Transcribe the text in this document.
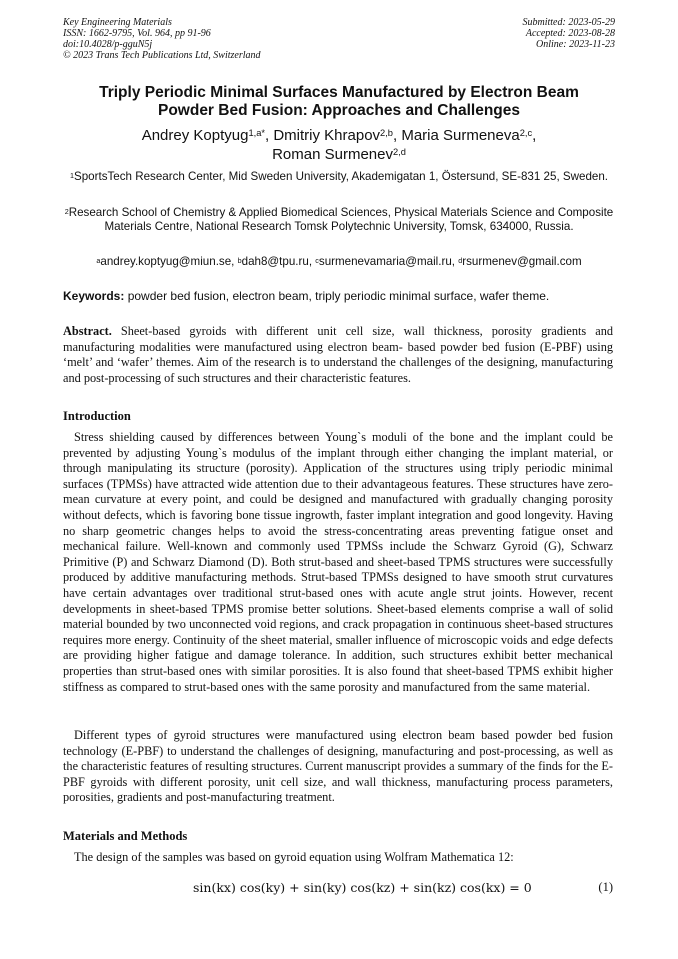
Key Engineering Materials
ISSN: 1662-9795, Vol. 964, pp 91-96
doi:10.4028/p-gguN5j
© 2023 Trans Tech Publications Ltd, Switzerland
Submitted: 2023-05-29
Accepted: 2023-08-28
Online: 2023-11-23
Triply Periodic Minimal Surfaces Manufactured by Electron Beam
Powder Bed Fusion: Approaches and Challenges
Andrey Koptyug$^{1,a*}$, Dmitriy Khrapov$^{2,b}$, Maria Surmeneva$^{2,c}$,
Roman Surmenev$^{2,d}$
$^1$SportsTech Research Center, Mid Sweden University, Akademigatan 1, Östersund, SE-831 25, Sweden.
$^2$Research School of Chemistry & Applied Biomedical Sciences, Physical Materials Science and Composite Materials Centre, National Research Tomsk Polytechnic University, Tomsk, 634000, Russia.
$^a$andrey.koptyug@miun.se, $^b$dah8@tpu.ru, $^c$surmenevamaria@mail.ru, $^d$rsurmenev@gmail.com
Keywords: powder bed fusion, electron beam, triply periodic minimal surface, wafer theme.
Abstract. Sheet-based gyroids with different unit cell size, wall thickness, porosity gradients and manufacturing modalities were manufactured using electron beam- based powder bed fusion (E-PBF) using ‘melt’ and ‘wafer’ themes. Aim of the research is to understand the challenges of the designing, manufacturing and post-processing of such structures and their characteristic features.
Introduction
Stress shielding caused by differences between Young`s moduli of the bone and the implant could be prevented by adjusting Young`s modulus of the implant through either changing the implant material, or through manipulating its structure (porosity). Application of the structures using triply periodic minimal surfaces (TPMSs) have attracted wide attention due to their advantageous features. These structures have zero-mean curvature at every point, and could be designed and manufactured with gradually changing porosity without defects, which is favoring bone tissue ingrowth, faster implant integration and good longevity. Having no sharp geometric changes helps to avoid the stress-concentrating areas preventing fatigue onset and mechanical failure. Well-known and commonly used TPMSs include the Schwarz Gyroid (G), Schwarz Primitive (P) and Schwarz Diamond (D). Both strut-based and sheet-based TPMS structures were successfully produced by additive manufacturing methods. Strut-based TPMSs designed to have smooth strut curvatures have certain advantages over traditional strut-based ones with acute angle strut joints. However, recent developments in sheet-based TPMS promise better solutions. Sheet-based elements comprise a wall of solid material bounded by two unconnected void regions, and crack propagation in continuous sheet-based structures requires more energy. Continuity of the sheet material, smaller influence of microscopic voids and edge defects are providing higher fatigue and damage tolerance. In addition, such structures exhibit better mechanical properties than strut-based ones with similar porosities. It is also found that sheet-based TPMS exhibit higher stiffness as compared to strut-based ones with the same porosity and manufactured from the same material.
Different types of gyroid structures were manufactured using electron beam based powder bed fusion technology (E-PBF) to understand the challenges of designing, manufacturing and post-processing, as well as the characteristic features of resulting structures. Current manuscript provides a summary of the finds for the E-PBF gyroids with different porosity, unit cell size, and wall thickness, manufacturing process parameters, porosities, gradients and post-manufacturing treatment.
Materials and Methods
The design of the samples was based on gyroid equation using Wolfram Mathematica 12:
sin(kx) cos(ky) + sin(ky) cos(kz) + sin(kz) cos(kx) = 0	(1)
